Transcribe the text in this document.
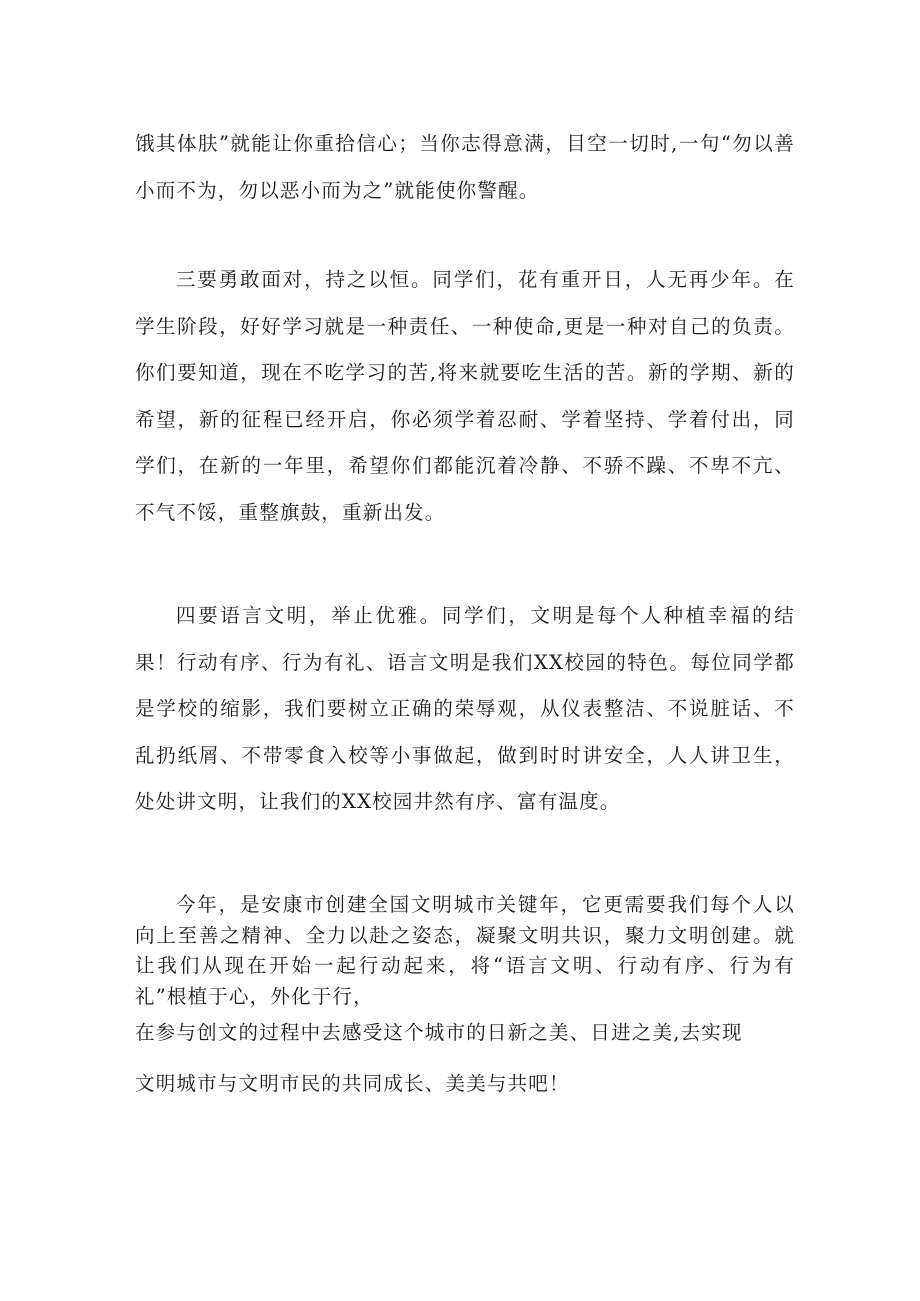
饿其体肤”就能让你重拾信心；当你志得意满，目空一切时,一句“勿以善小而不为，勿以恶小而为之”就能使你警醒。

三要勇敢面对，持之以恒。同学们，花有重开日，人无再少年。在学生阶段，好好学习就是一种责任、一种使命,更是一种对自己的负责。你们要知道，现在不吃学习的苦,将来就要吃生活的苦。新的学期、新的希望，新的征程已经开启，你必须学着忍耐、学着坚持、学着付出，同学们，在新的一年里，希望你们都能沉着冷静、不骄不躁、不卑不亢、不气不馁，重整旗鼓，重新出发。

四要语言文明，举止优雅。同学们，文明是每个人种植幸福的结果！行动有序、行为有礼、语言文明是我们XX校园的特色。每位同学都是学校的缩影，我们要树立正确的荣辱观，从仪表整洁、不说脏话、不乱扔纸屑、不带零食入校等小事做起，做到时时讲安全，人人讲卫生，处处讲文明，让我们的XX校园井然有序、富有温度。

今年，是安康市创建全国文明城市关键年，它更需要我们每个人以向上至善之精神、全力以赴之姿态，凝聚文明共识，聚力文明创建。就让我们从现在开始一起行动起来，将“语言文明、行动有序、行为有礼”根植于心，外化于行，

在参与创文的过程中去感受这个城市的日新之美、日进之美,去实现

文明城市与文明市民的共同成长、美美与共吧！
